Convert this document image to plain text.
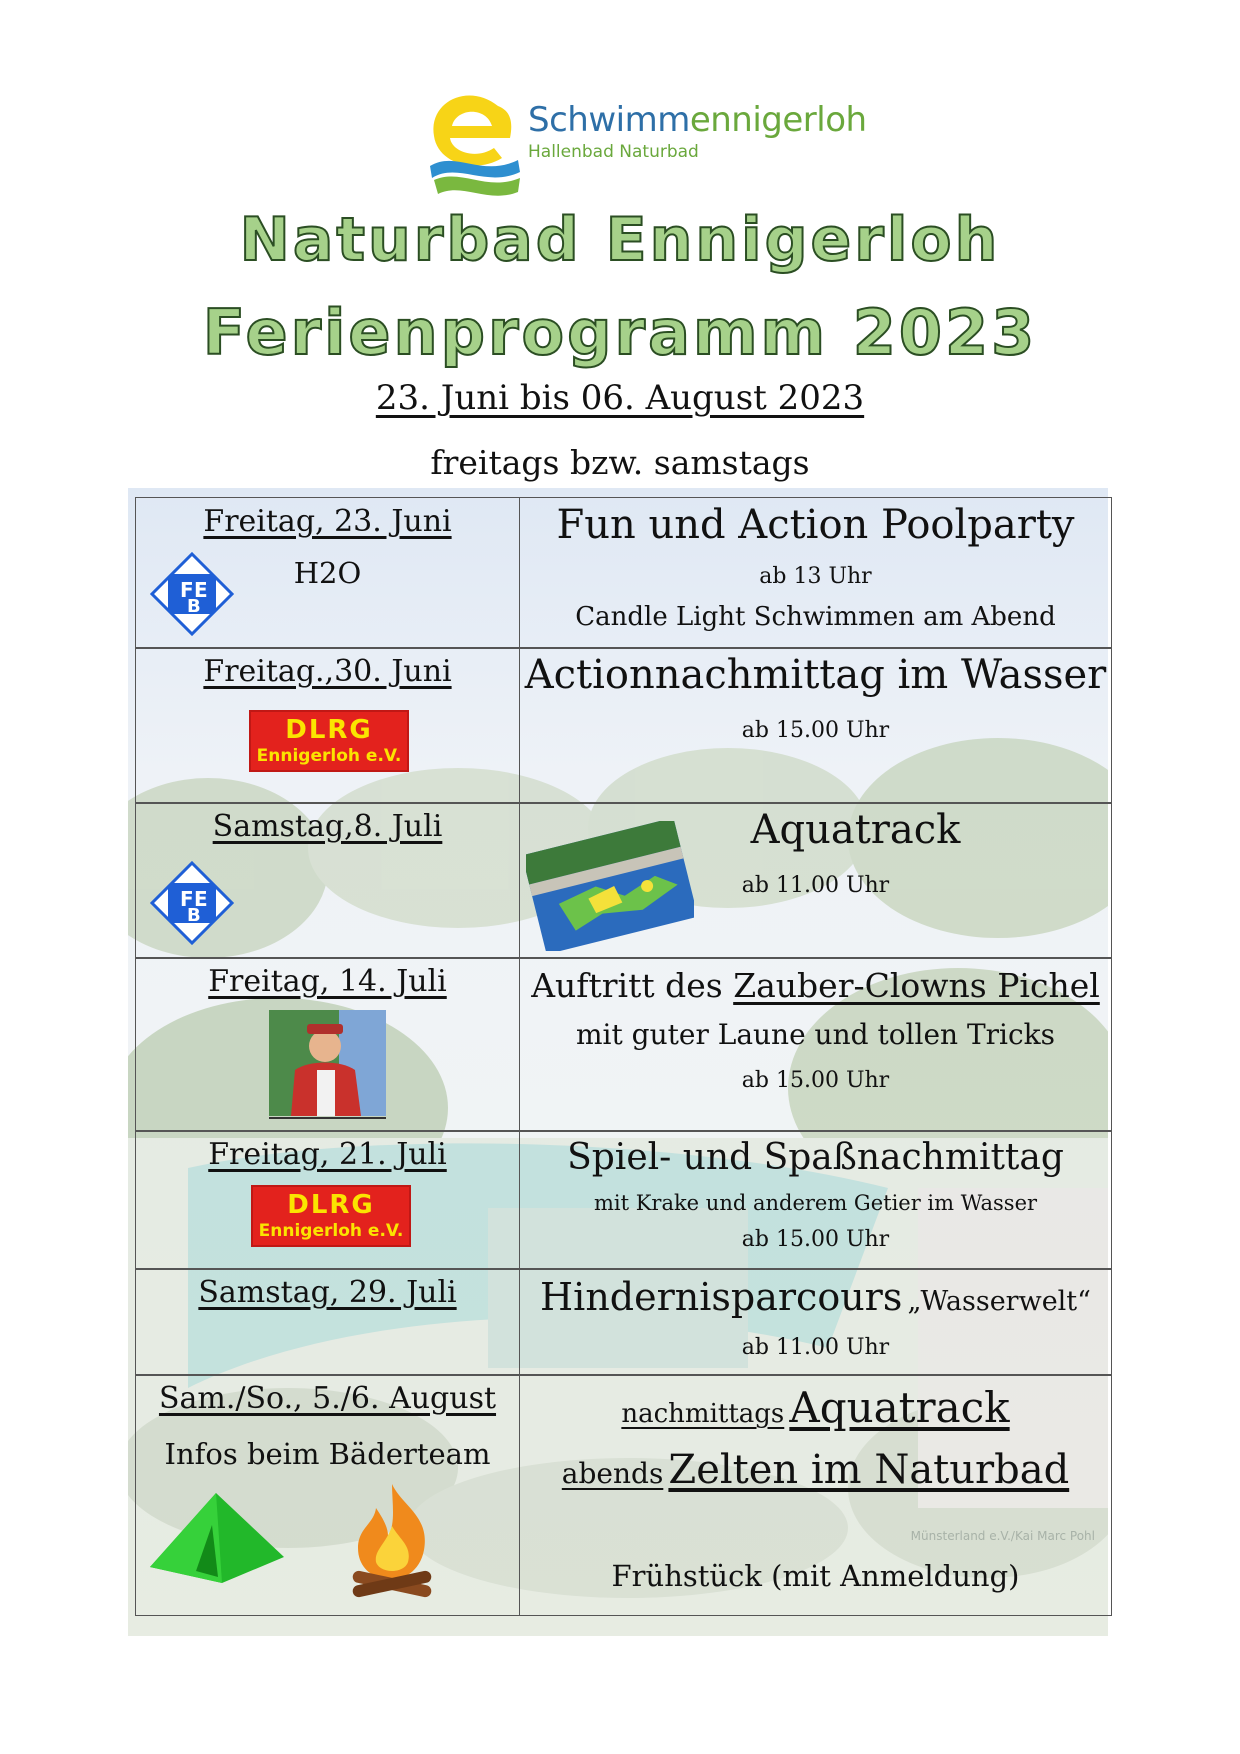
Schwimmennigerloh
Hallenbad Naturbad
Naturbad Ennigerloh
Ferienprogramm 2023
23. Juni bis 06. August 2023
freitags bzw. samstags
Freitag, 23. Juni
F E
B
H2O
Fun und Action Poolparty
ab 13 Uhr
Candle Light Schwimmen am Abend
Freitag.,30. Juni
DLRG
Ennigerloh e.V.
Actionnachmittag im Wasser
ab 15.00 Uhr
Samstag,8. Juli
F E
B
Aquatrack
ab 11.00 Uhr
Freitag, 14. Juli	Auftritt des Zauber-Clowns Pichel
mit guter Laune und tollen Tricks
ab 15.00 Uhr
Freitag, 21. Juli
DLRG
Ennigerloh e.V.
Spiel- und Spaßnachmittag
mit Krake und anderem Getier im Wasser
ab 15.00 Uhr
Samstag, 29. Juli	Hindernisparcours „Wasserwelt“
ab 11.00 Uhr
Sam./So., 5./6. August
Infos beim Bäderteam
nachmittags Aquatrack
abends Zelten im Naturbad
Frühstück (mit Anmeldung)
Münsterland e.V./Kai Marc Pohl
